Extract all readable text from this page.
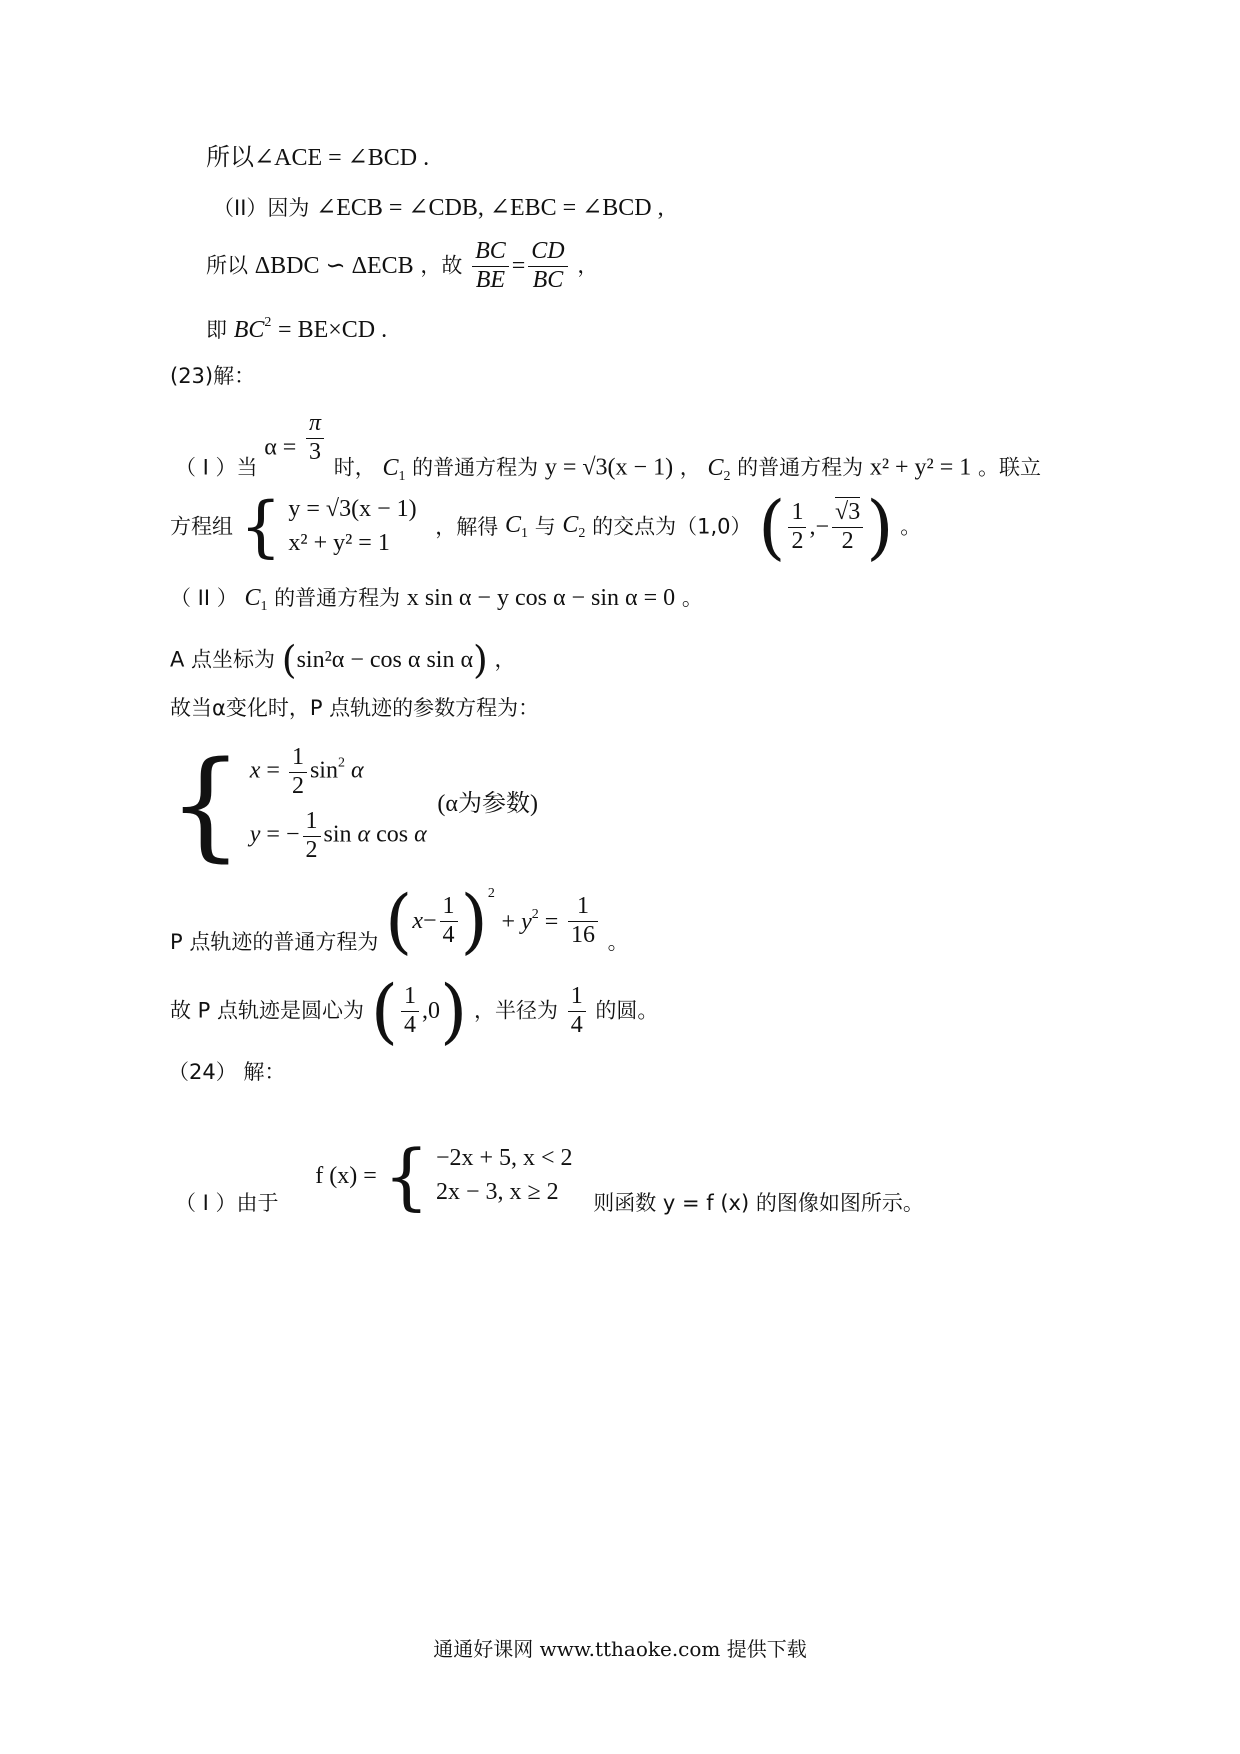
所以∠ACE = ∠BCD .
（II）因为 ∠ECB = ∠CDB, ∠EBC = ∠BCD ,
所以 ΔBDC ∽ ΔECB ，故 $\frac{BC}{BE} = \frac{CD}{BC}$ ，
即 $BC^2 = BE\times CD$ .
(23)解：
（ I ）当 $\alpha = \frac{\pi}{3}$
时， $C_1$ 的普通方程为 y = √3(x − 1) ， $C_2$ 的普通方程为 x² + y² = 1 。联立
方程组 { y = √3(x − 1)
x² + y² = 1
，解得 $C_1$ 与 $C_2$ 的交点为（1,0） ( $\frac{1}{2}$ ,− $\frac{√3}{2}$ ) 。
（ II ） $C_1$ 的普通方程为 x sin α − y cos α − sin α = 0 。
A 点坐标为 (sin²α − cos α sin α) ，
故当α变化时，P 点轨迹的参数方程为：
{ $x = \frac{1}{2} \sin^2 \alpha$
y = − $\frac{1}{2}$ sin α cos α
(α为参数)
P 点轨迹的普通方程为 $(x- \frac{1}{4} )^2 + y^2 = \frac{1}{16}$ 。
故 P 点轨迹是圆心为 ( $\frac{1}{4} ,0$) ，半径为 $\frac{1}{4}$ 的圆。
（24） 解：
（ I ）由于 f (x) = { −2x + 5, x < 2
2x − 3, x ≥ 2	则函数 y = f (x) 的图像如图所示。
通通好课网 www.tthaoke.com 提供下载
